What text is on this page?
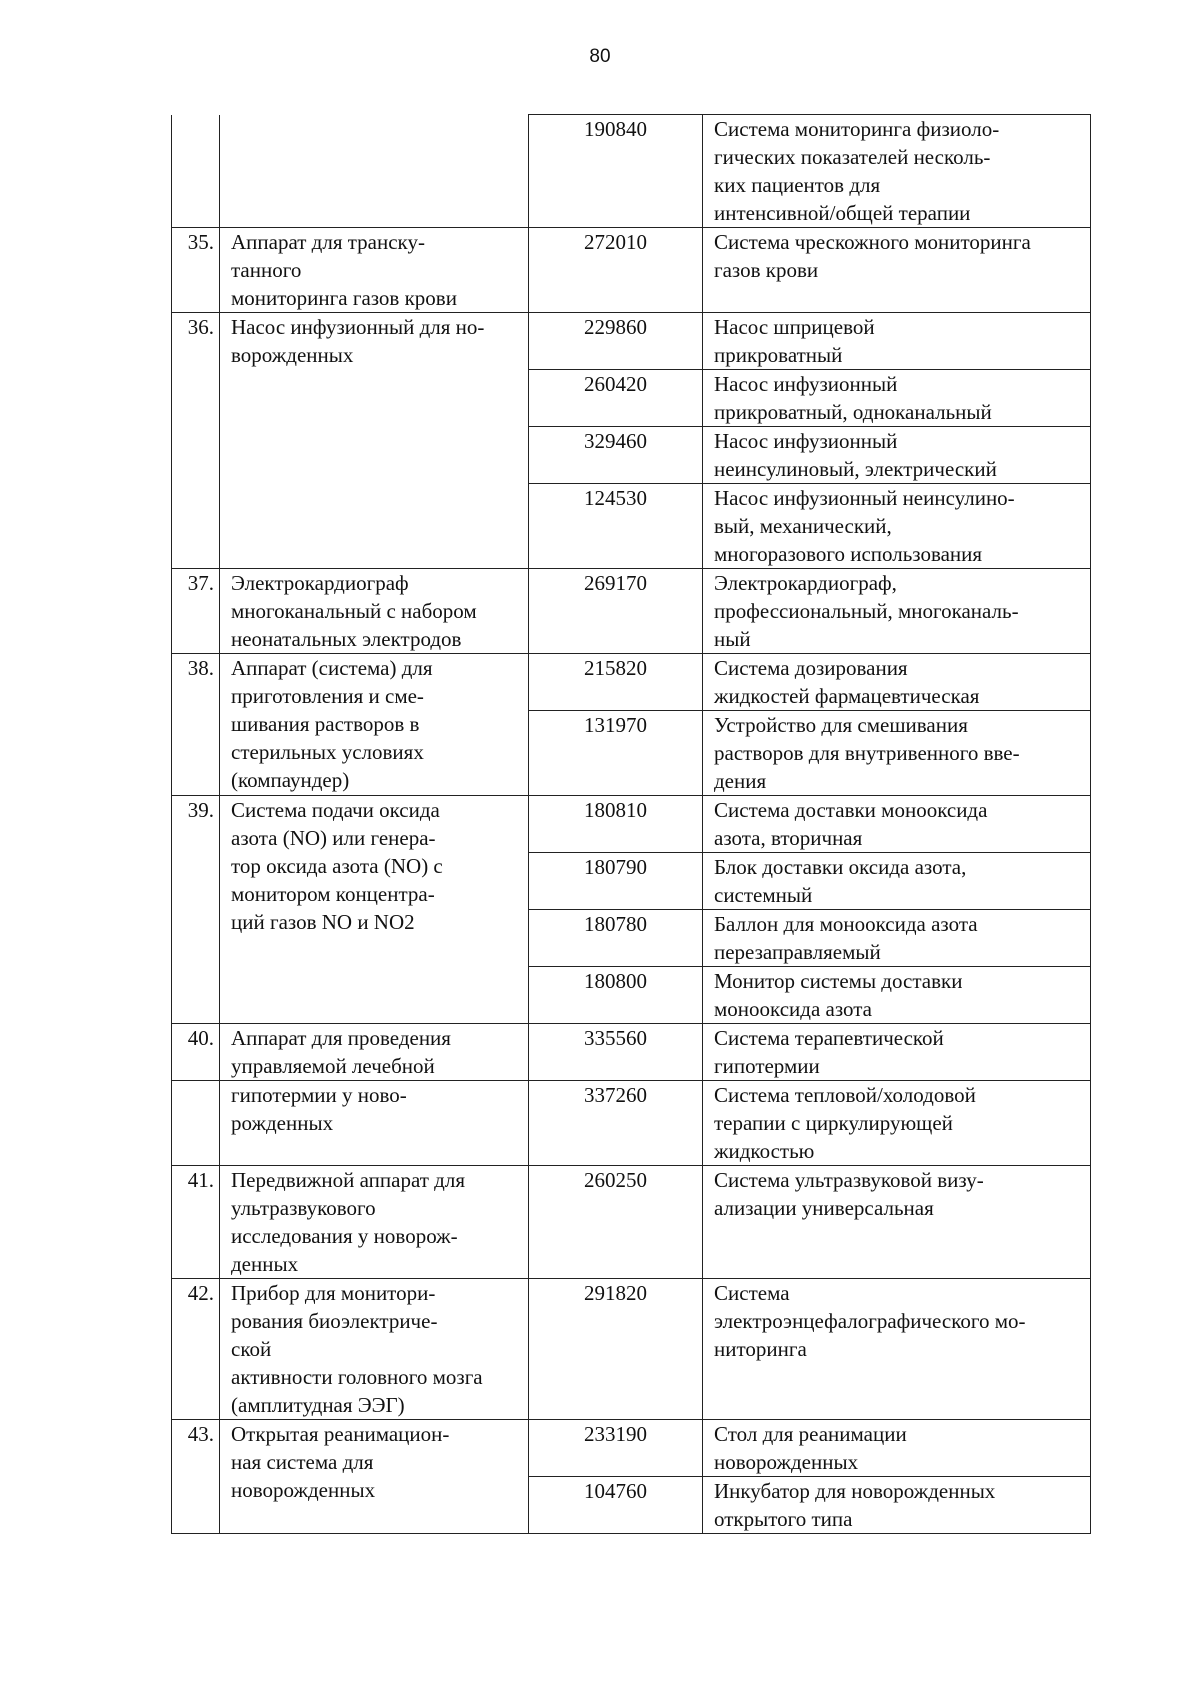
80
		190840	Система мониторинга физиоло-
гических показателей несколь-
ких пациентов для
интенсивной/общей терапии
35.	Аппарат для транску-
танного
мониторинга газов крови	272010	Система чрескожного мониторинга
газов крови
36.	Насос инфузионный для но-
ворожденных	229860	Насос шприцевой
прикроватный
		260420	Насос инфузионный
прикроватный, одноканальный
		329460	Насос инфузионный
неинсулиновый, электрический
		124530	Насос инфузионный неинсулино-
вый, механический,
многоразового использования
37.	Электрокардиограф
многоканальный с набором
неонатальных электродов	269170	Электрокардиограф,
профессиональный, многоканаль-
ный
38.	Аппарат (система) для
приготовления и сме-
шивания растворов в
стерильных условиях
(компаундер)	215820	Система дозирования
жидкостей фармацевтическая
		131970	Устройство для смешивания
растворов для внутривенного вве-
дения
39.	Система подачи оксида
азота (NO) или генера-
тор оксида азота (NO) с
монитором концентра-
ций газов NO и NO2	180810	Система доставки монооксида
азота, вторичная
		180790	Блок доставки оксида азота,
системный
		180780	Баллон для монооксида азота
перезаправляемый
		180800	Монитор системы доставки
монооксида азота
40.	Аппарат для проведения
управляемой лечебной	335560	Система терапевтической
гипотермии
	гипотермии у ново-
рожденных	337260	Система тепловой/холодовой
терапии с циркулирующей
жидкостью
41.	Передвижной аппарат для
ультразвукового
исследования у новорож-
денных	260250	Система ультразвуковой визу-
ализации универсальная
42.	Прибор для монитори-
рования биоэлектриче-
ской
активности головного мозга
(амплитудная ЭЭГ)	291820	Система
электроэнцефалографического мо-
ниторинга
43.	Открытая реанимацион-
ная система для
новорожденных	233190	Стол для реанимации
новорожденных
		104760	Инкубатор для новорожденных
открытого типа
